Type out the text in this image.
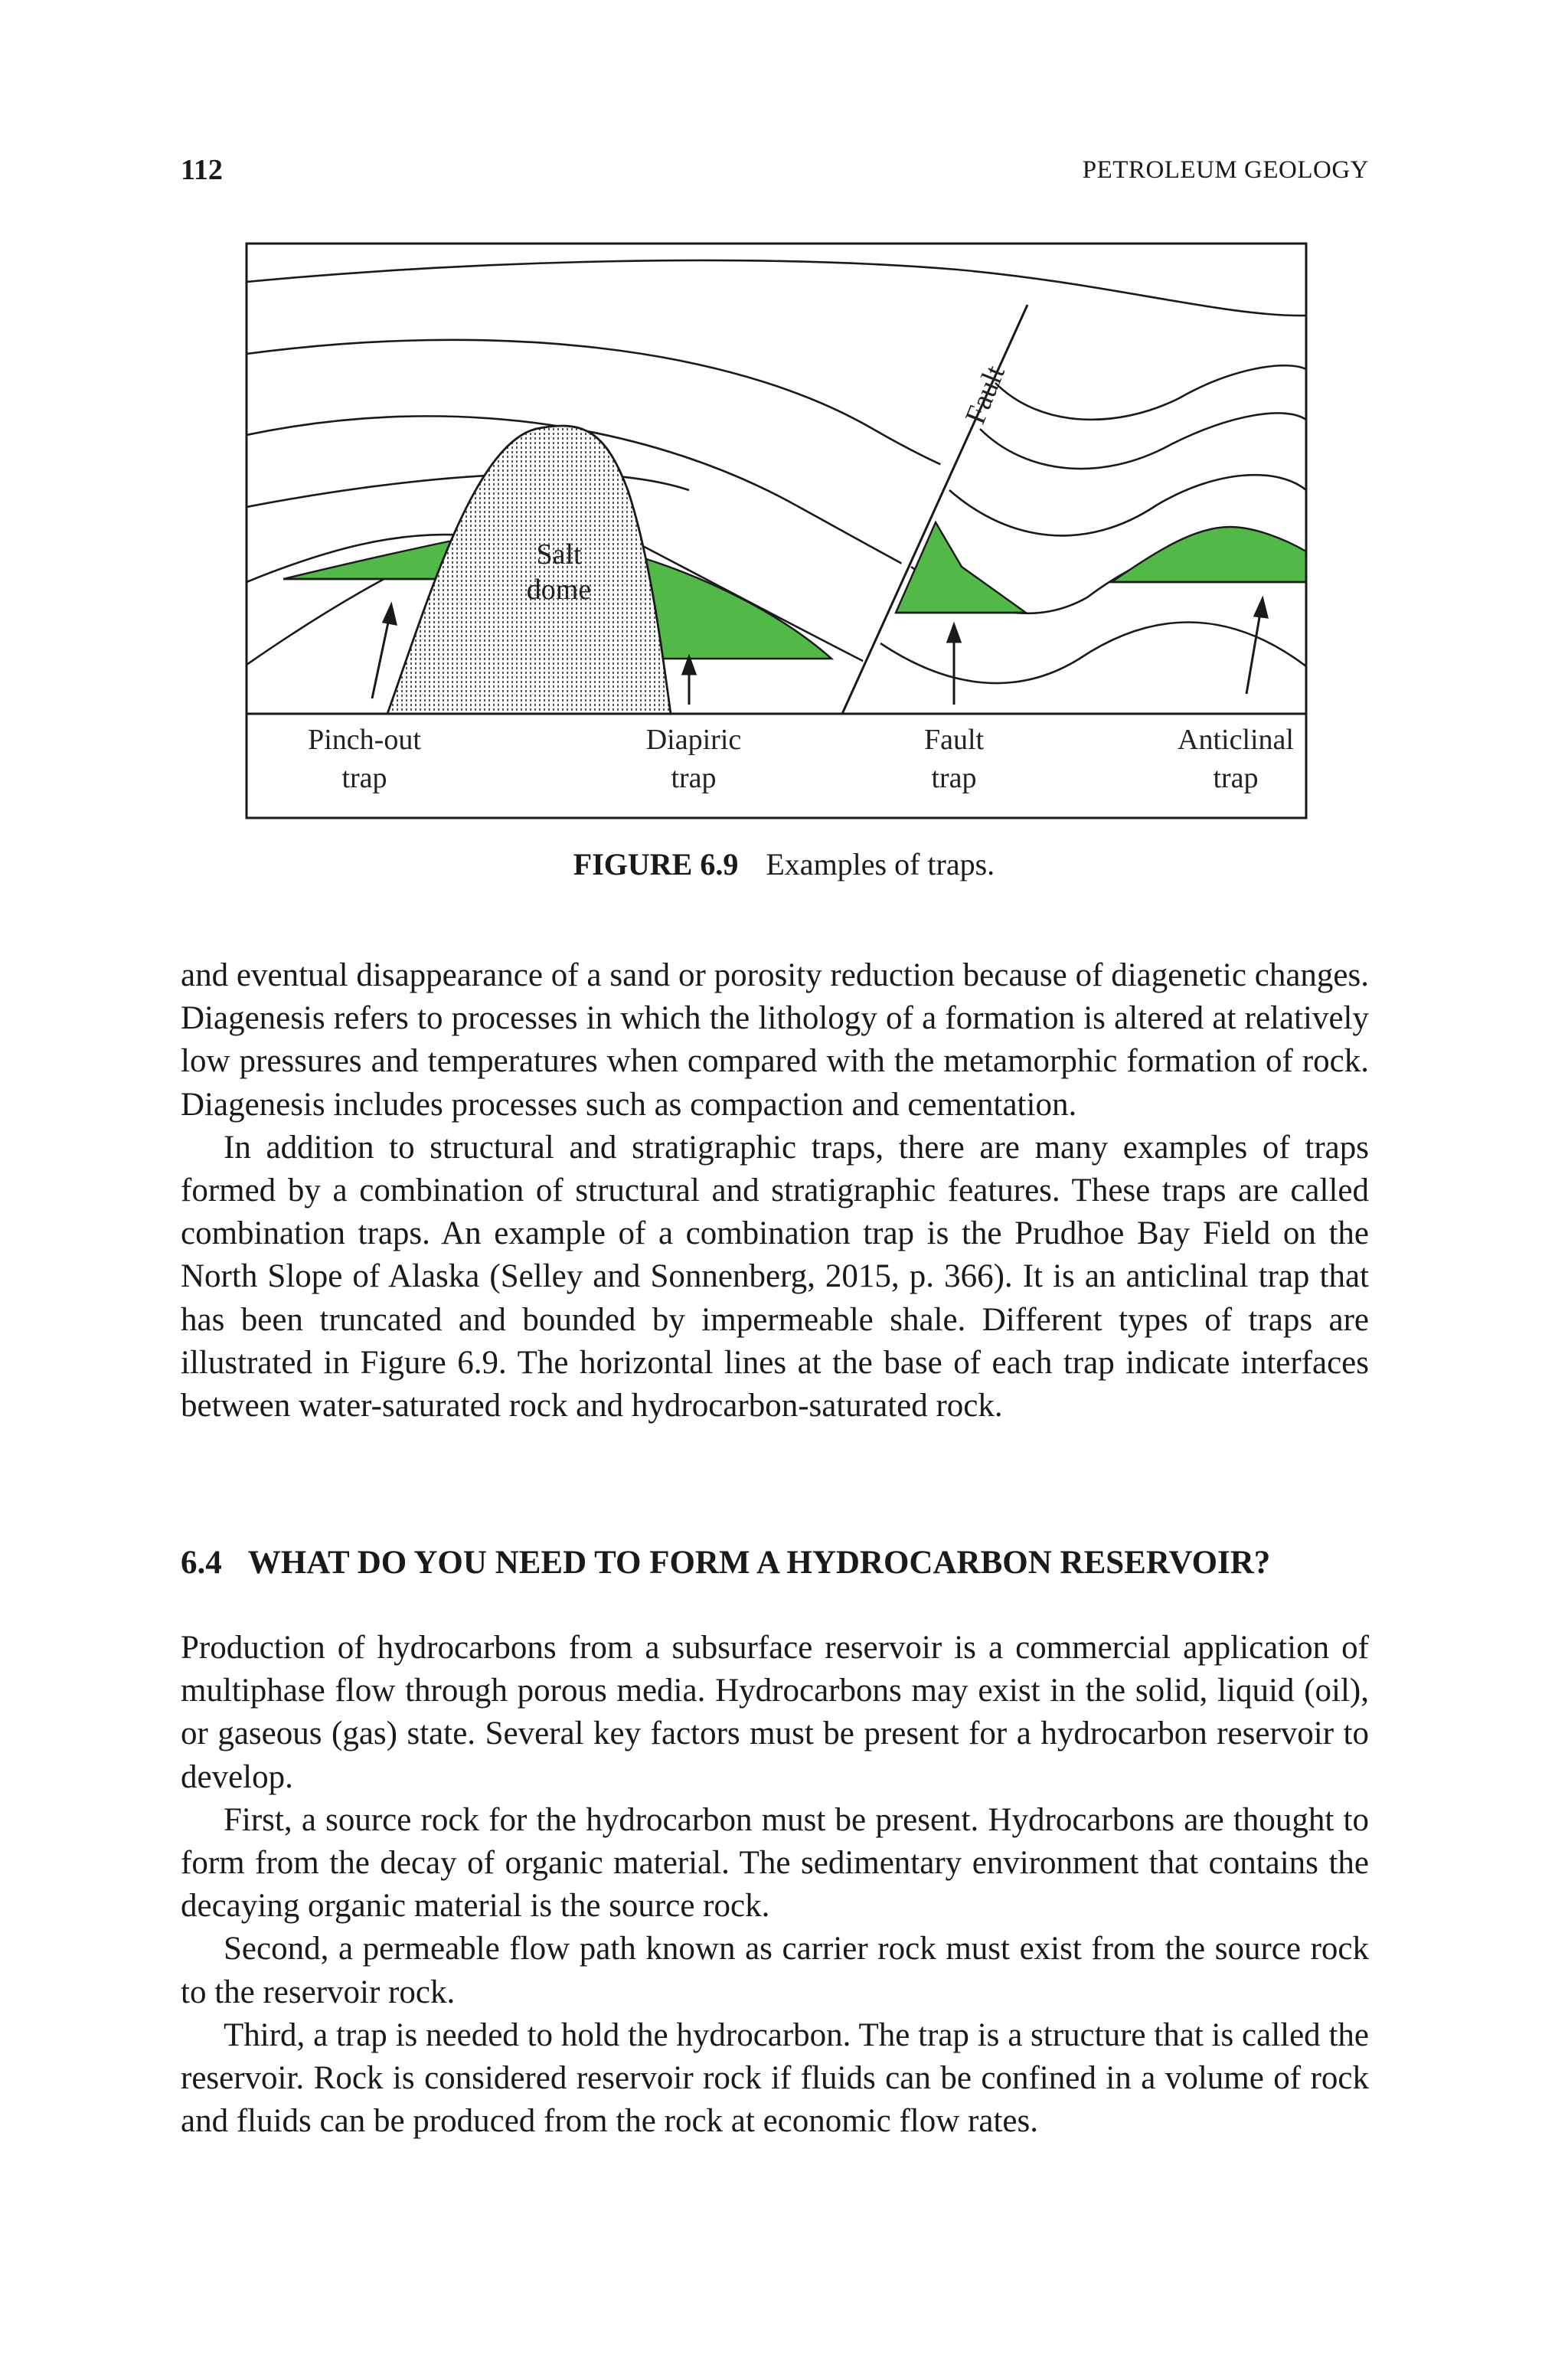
112	PETROLEUM GEOLOGY
Salt
dome
Fault
Pinch-out
trap
Diapiric
trap
Fault
trap
Anticlinal
trap
FIGURE 6.9 Examples of traps.

and eventual disappearance of a sand or porosity reduction because of diagenetic changes. Diagenesis refers to processes in which the lithology of a formation is altered at relatively low pressures and temperatures when compared with the metamorphic formation of rock. Diagenesis includes processes such as compaction and cementation.

In addition to structural and stratigraphic traps, there are many examples of traps formed by a combination of structural and stratigraphic features. These traps are called combination traps. An example of a combination trap is the Prudhoe Bay Field on the North Slope of Alaska (Selley and Sonnenberg, 2015, p. 366). It is an anticlinal trap that has been truncated and bounded by impermeable shale. Different types of traps are illustrated in Figure 6.9. The horizontal lines at the base of each trap indicate interfaces between water-saturated rock and hydrocarbon-saturated rock.

6.4 WHAT DO YOU NEED TO FORM A HYDROCARBON RESERVOIR?

Production of hydrocarbons from a subsurface reservoir is a commercial application of multiphase flow through porous media. Hydrocarbons may exist in the solid, liquid (oil), or gaseous (gas) state. Several key factors must be present for a hydrocarbon reservoir to develop.

First, a source rock for the hydrocarbon must be present. Hydrocarbons are thought to form from the decay of organic material. The sedimentary environment that contains the decaying organic material is the source rock.

Second, a permeable flow path known as carrier rock must exist from the source rock to the reservoir rock.

Third, a trap is needed to hold the hydrocarbon. The trap is a structure that is called the reservoir. Rock is considered reservoir rock if fluids can be confined in a volume of rock and fluids can be produced from the rock at economic flow rates.
